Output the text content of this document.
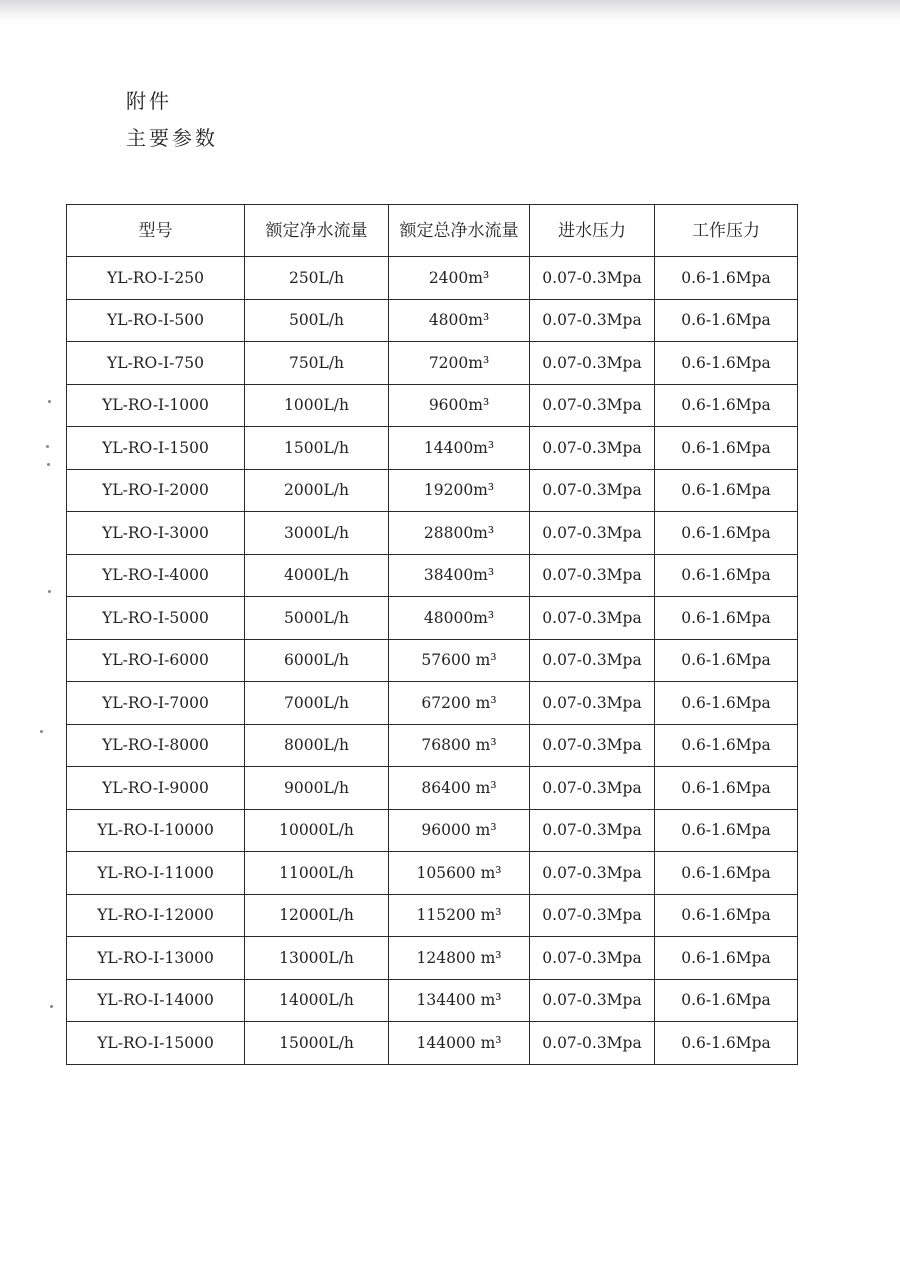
附件
主要参数
型号	额定净水流量	额定总净水流量	进水压力	工作压力
YL-RO-I-250	250L/h	2400m³	0.07-0.3Mpa	0.6-1.6Mpa
YL-RO-I-500	500L/h	4800m³	0.07-0.3Mpa	0.6-1.6Mpa
YL-RO-I-750	750L/h	7200m³	0.07-0.3Mpa	0.6-1.6Mpa
YL-RO-I-1000	1000L/h	9600m³	0.07-0.3Mpa	0.6-1.6Mpa
YL-RO-I-1500	1500L/h	14400m³	0.07-0.3Mpa	0.6-1.6Mpa
YL-RO-I-2000	2000L/h	19200m³	0.07-0.3Mpa	0.6-1.6Mpa
YL-RO-I-3000	3000L/h	28800m³	0.07-0.3Mpa	0.6-1.6Mpa
YL-RO-I-4000	4000L/h	38400m³	0.07-0.3Mpa	0.6-1.6Mpa
YL-RO-I-5000	5000L/h	48000m³	0.07-0.3Mpa	0.6-1.6Mpa
YL-RO-I-6000	6000L/h	57600 m³	0.07-0.3Mpa	0.6-1.6Mpa
YL-RO-I-7000	7000L/h	67200 m³	0.07-0.3Mpa	0.6-1.6Mpa
YL-RO-I-8000	8000L/h	76800 m³	0.07-0.3Mpa	0.6-1.6Mpa
YL-RO-I-9000	9000L/h	86400 m³	0.07-0.3Mpa	0.6-1.6Mpa
YL-RO-I-10000	10000L/h	96000 m³	0.07-0.3Mpa	0.6-1.6Mpa
YL-RO-I-11000	11000L/h	105600 m³	0.07-0.3Mpa	0.6-1.6Mpa
YL-RO-I-12000	12000L/h	115200 m³	0.07-0.3Mpa	0.6-1.6Mpa
YL-RO-I-13000	13000L/h	124800 m³	0.07-0.3Mpa	0.6-1.6Mpa
YL-RO-I-14000	14000L/h	134400 m³	0.07-0.3Mpa	0.6-1.6Mpa
YL-RO-I-15000	15000L/h	144000 m³	0.07-0.3Mpa	0.6-1.6Mpa
